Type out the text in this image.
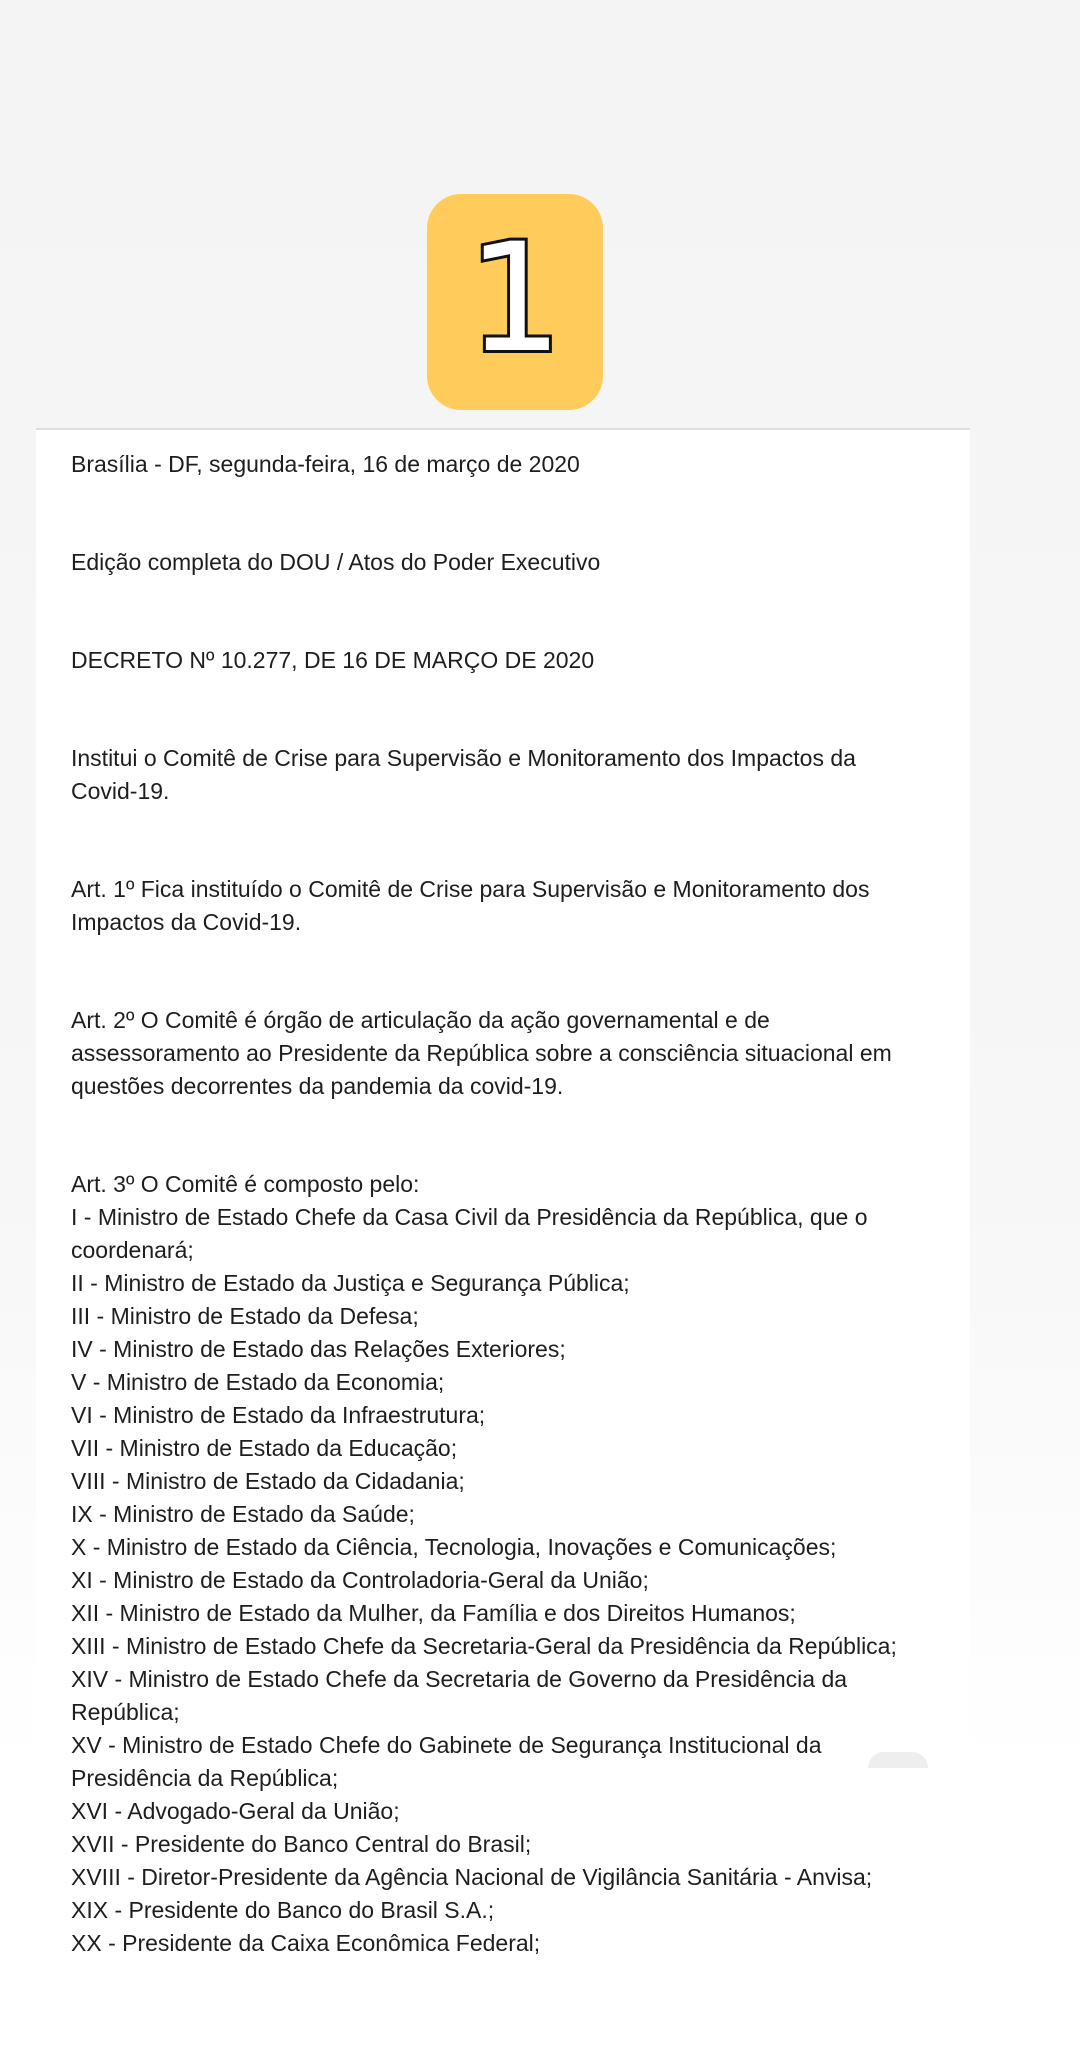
1

Brasília - DF, segunda-feira, 16 de março de 2020

Edição completa do DOU / Atos do Poder Executivo

DECRETO Nº 10.277, DE 16 DE MARÇO DE 2020

Institui o Comitê de Crise para Supervisão e Monitoramento dos Impactos da

Covid-19.

Art. 1º Fica instituído o Comitê de Crise para Supervisão e Monitoramento dos

Impactos da Covid-19.

Art. 2º O Comitê é órgão de articulação da ação governamental e de

assessoramento ao Presidente da República sobre a consciência situacional em

questões decorrentes da pandemia da covid-19.

Art. 3º O Comitê é composto pelo:

I - Ministro de Estado Chefe da Casa Civil da Presidência da República, que o

coordenará;

II - Ministro de Estado da Justiça e Segurança Pública;

III - Ministro de Estado da Defesa;

IV - Ministro de Estado das Relações Exteriores;

V - Ministro de Estado da Economia;

VI - Ministro de Estado da Infraestrutura;

VII - Ministro de Estado da Educação;

VIII - Ministro de Estado da Cidadania;

IX - Ministro de Estado da Saúde;

X - Ministro de Estado da Ciência, Tecnologia, Inovações e Comunicações;

XI - Ministro de Estado da Controladoria-Geral da União;

XII - Ministro de Estado da Mulher, da Família e dos Direitos Humanos;

XIII - Ministro de Estado Chefe da Secretaria-Geral da Presidência da República;

XIV - Ministro de Estado Chefe da Secretaria de Governo da Presidência da

República;

XV - Ministro de Estado Chefe do Gabinete de Segurança Institucional da

Presidência da República;

XVI - Advogado-Geral da União;

XVII - Presidente do Banco Central do Brasil;

XVIII - Diretor-Presidente da Agência Nacional de Vigilância Sanitária - Anvisa;

XIX - Presidente do Banco do Brasil S.A.;

XX - Presidente da Caixa Econômica Federal;
